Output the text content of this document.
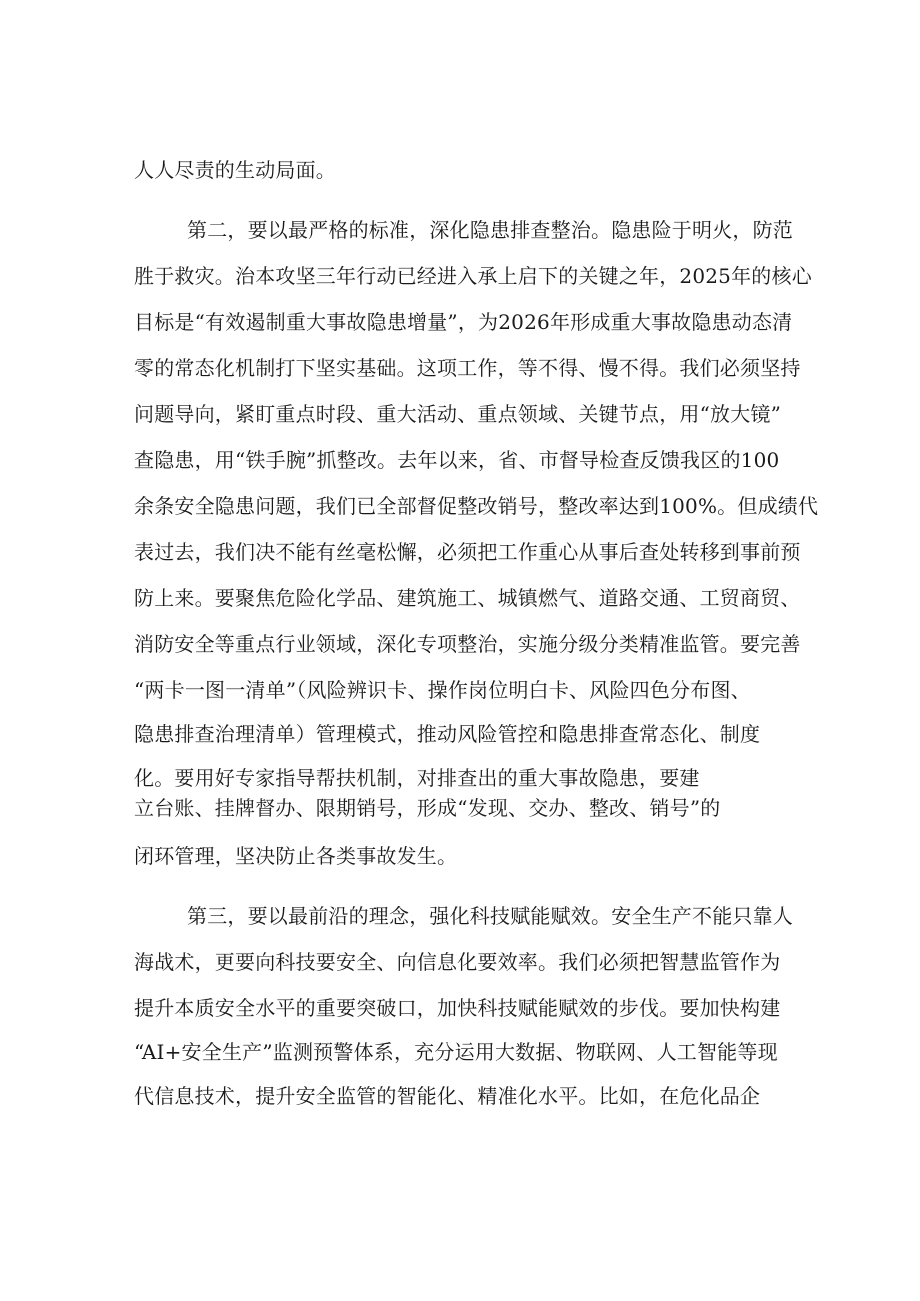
人人尽责的生动局面。
第二，要以最严格的标准，深化隐患排查整治。隐患险于明火，防范
胜于救灾。治本攻坚三年行动已经进入承上启下的关键之年，2025年的核心
目标是“有效遏制重大事故隐患增量”，为2026年形成重大事故隐患动态清
零的常态化机制打下坚实基础。这项工作，等不得、慢不得。我们必须坚持
问题导向，紧盯重点时段、重大活动、重点领域、关键节点，用“放大镜”
查隐患，用“铁手腕”抓整改。去年以来，省、市督导检查反馈我区的100
余条安全隐患问题，我们已全部督促整改销号，整改率达到100%。但成绩代
表过去，我们决不能有丝毫松懈，必须把工作重心从事后查处转移到事前预
防上来。要聚焦危险化学品、建筑施工、城镇燃气、道路交通、工贸商贸、
消防安全等重点行业领域，深化专项整治，实施分级分类精准监管。要完善
“两卡一图一清单”（风险辨识卡、操作岗位明白卡、风险四色分布图、
隐患排查治理清单）管理模式，推动风险管控和隐患排查常态化、制度
化。要用好专家指导帮扶机制，对排查出的重大事故隐患，要建
立台账、挂牌督办、限期销号，形成“发现、交办、整改、销号”的
闭环管理，坚决防止各类事故发生。
第三，要以最前沿的理念，强化科技赋能赋效。安全生产不能只靠人
海战术，更要向科技要安全、向信息化要效率。我们必须把智慧监管作为
提升本质安全水平的重要突破口，加快科技赋能赋效的步伐。要加快构建
“AI+安全生产”监测预警体系，充分运用大数据、物联网、人工智能等现
代信息技术，提升安全监管的智能化、精准化水平。比如，在危化品企
